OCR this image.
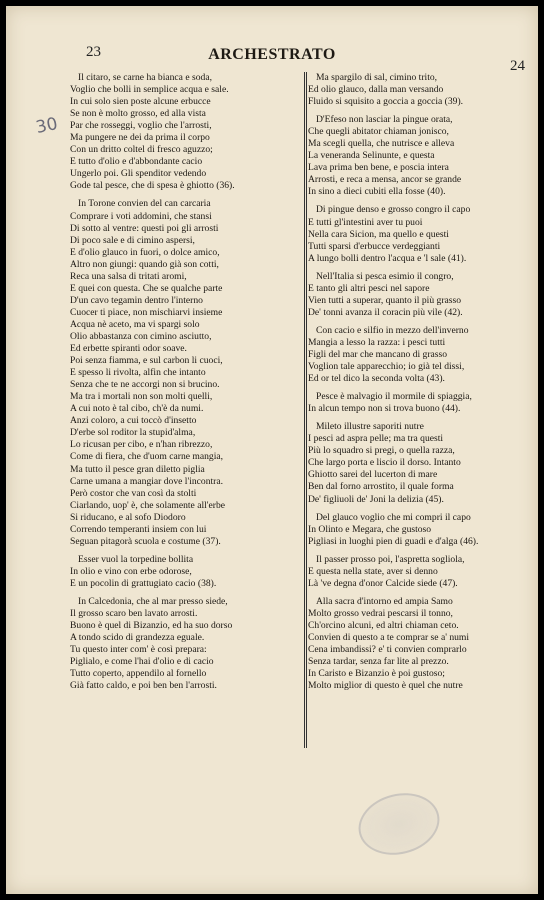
23	ARCHESTRATO
24
30
Il citaro, se carne ha bianca e soda,
Voglio che bolli in semplice acqua e sale.
In cui solo sien poste alcune erbucce
Se non è molto grosso, ed alla vista
Par che rosseggi, voglio che l'arrosti,
Ma pungere ne dei da prima il corpo
Con un dritto coltel di fresco aguzzo;
E tutto d'olio e d'abbondante cacio
Ungerlo poi. Gli spenditor vedendo
Gode tal pesce, che di spesa è ghiotto (36).
In Torone convien del can carcaria
Comprare i voti addomini, che stansi
Di sotto al ventre: questi poi gli arrosti
Di poco sale e di cimino aspersi,
E d'olio glauco in fuori, o dolce amico,
Altro non giungi: quando già son cotti,
Reca una salsa di tritati aromi,
E quei con questa. Che se qualche parte
D'un cavo tegamin dentro l'interno
Cuocer ti piace, non mischiarvi insieme
Acqua nè aceto, ma vi spargi solo
Olio abbastanza con cimino asciutto,
Ed erbette spiranti odor soave.
Poi senza fiamma, e sul carbon li cuoci,
E spesso li rivolta, alfin che intanto
Senza che te ne accorgi non si brucino.
Ma tra i mortali non son molti quelli,
A cui noto è tal cibo, ch'è da numi.
Anzi coloro, a cui toccò d'insetto
D'erbe sol roditor la stupid'alma,
Lo ricusan per cibo, e n'han ribrezzo,
Come di fiera, che d'uom carne mangia,
Ma tutto il pesce gran diletto piglia
Carne umana a mangiar dove l'incontra.
Però costor che van così da stolti
Ciarlando, uop' è, che solamente all'erbe
Si riducano, e al sofo Diodoro
Correndo temperanti insiem con lui
Seguan pitagorà scuola e costume (37).
Esser vuol la torpedine bollita
In olio e vino con erbe odorose,
E un pocolin di grattugiato cacio (38).
In Calcedonia, che al mar presso siede,
Il grosso scaro ben lavato arrosti.
Buono è quel di Bizanzio, ed ha suo dorso
A tondo scido di grandezza eguale.
Tu questo inter com' è così prepara:
Piglialo, e come l'hai d'olio e di cacio
Tutto coperto, appendilo al fornello
Già fatto caldo, e poi ben ben l'arrosti.
Ma spargilo di sal, cimino trito,
Ed olio glauco, dalla man versando
Fluido si squisito a goccia a goccia (39).
D'Efeso non lasciar la pingue orata,
Che quegli abitator chiaman jonisco,
Ma scegli quella, che nutrisce e alleva
La veneranda Selinunte, e questa
Lava prima ben bene, e poscia intera
Arrosti, e reca a mensa, ancor se grande
In sino a dieci cubiti ella fosse (40).
Di pingue denso e grosso congro il capo
E tutti gl'intestini aver tu puoi
Nella cara Sicion, ma quello e questi
Tutti sparsi d'erbucce verdeggianti
A lungo bolli dentro l'acqua e 'l sale (41).
Nell'Italia si pesca esimio il congro,
E tanto gli altri pesci nel sapore
Vien tutti a superar, quanto il più grasso
De' tonni avanza il coracin più vile (42).
Con cacio e silfio in mezzo dell'inverno
Mangia a lesso la razza: i pesci tutti
Figli del mar che mancano di grasso
Voglion tale apparecchio; io già tel dissi,
Ed or tel dico la seconda volta (43).
Pesce è malvagio il mormile di spiaggia,
In alcun tempo non si trova buono (44).
Mileto illustre saporiti nutre
I pesci ad aspra pelle; ma tra questi
Più lo squadro si pregi, o quella razza,
Che largo porta e liscio il dorso. Intanto
Ghiotto sarei del lucerton di mare
Ben dal forno arrostito, il quale forma
De' figliuoli de' Joni la delizia (45).
Del glauco voglio che mi compri il capo
In Olinto e Megara, che gustoso
Pigliasi in luoghi pien di guadi e d'alga (46).
Il passer prosso poi, l'aspretta sogliola,
E questa nella state, aver si denno
Là 've degna d'onor Calcide siede (47).
Alla sacra d'intorno ed ampia Samo
Molto grosso vedrai pescarsi il tonno,
Ch'orcino alcuni, ed altri chiaman ceto.
Convien di questo a te comprar se a' numi
Cena imbandissi? e' ti convien comprarlo
Senza tardar, senza far lite al prezzo.
In Caristo e Bizanzio è poi gustoso;
Molto miglior di questo è quel che nutre
